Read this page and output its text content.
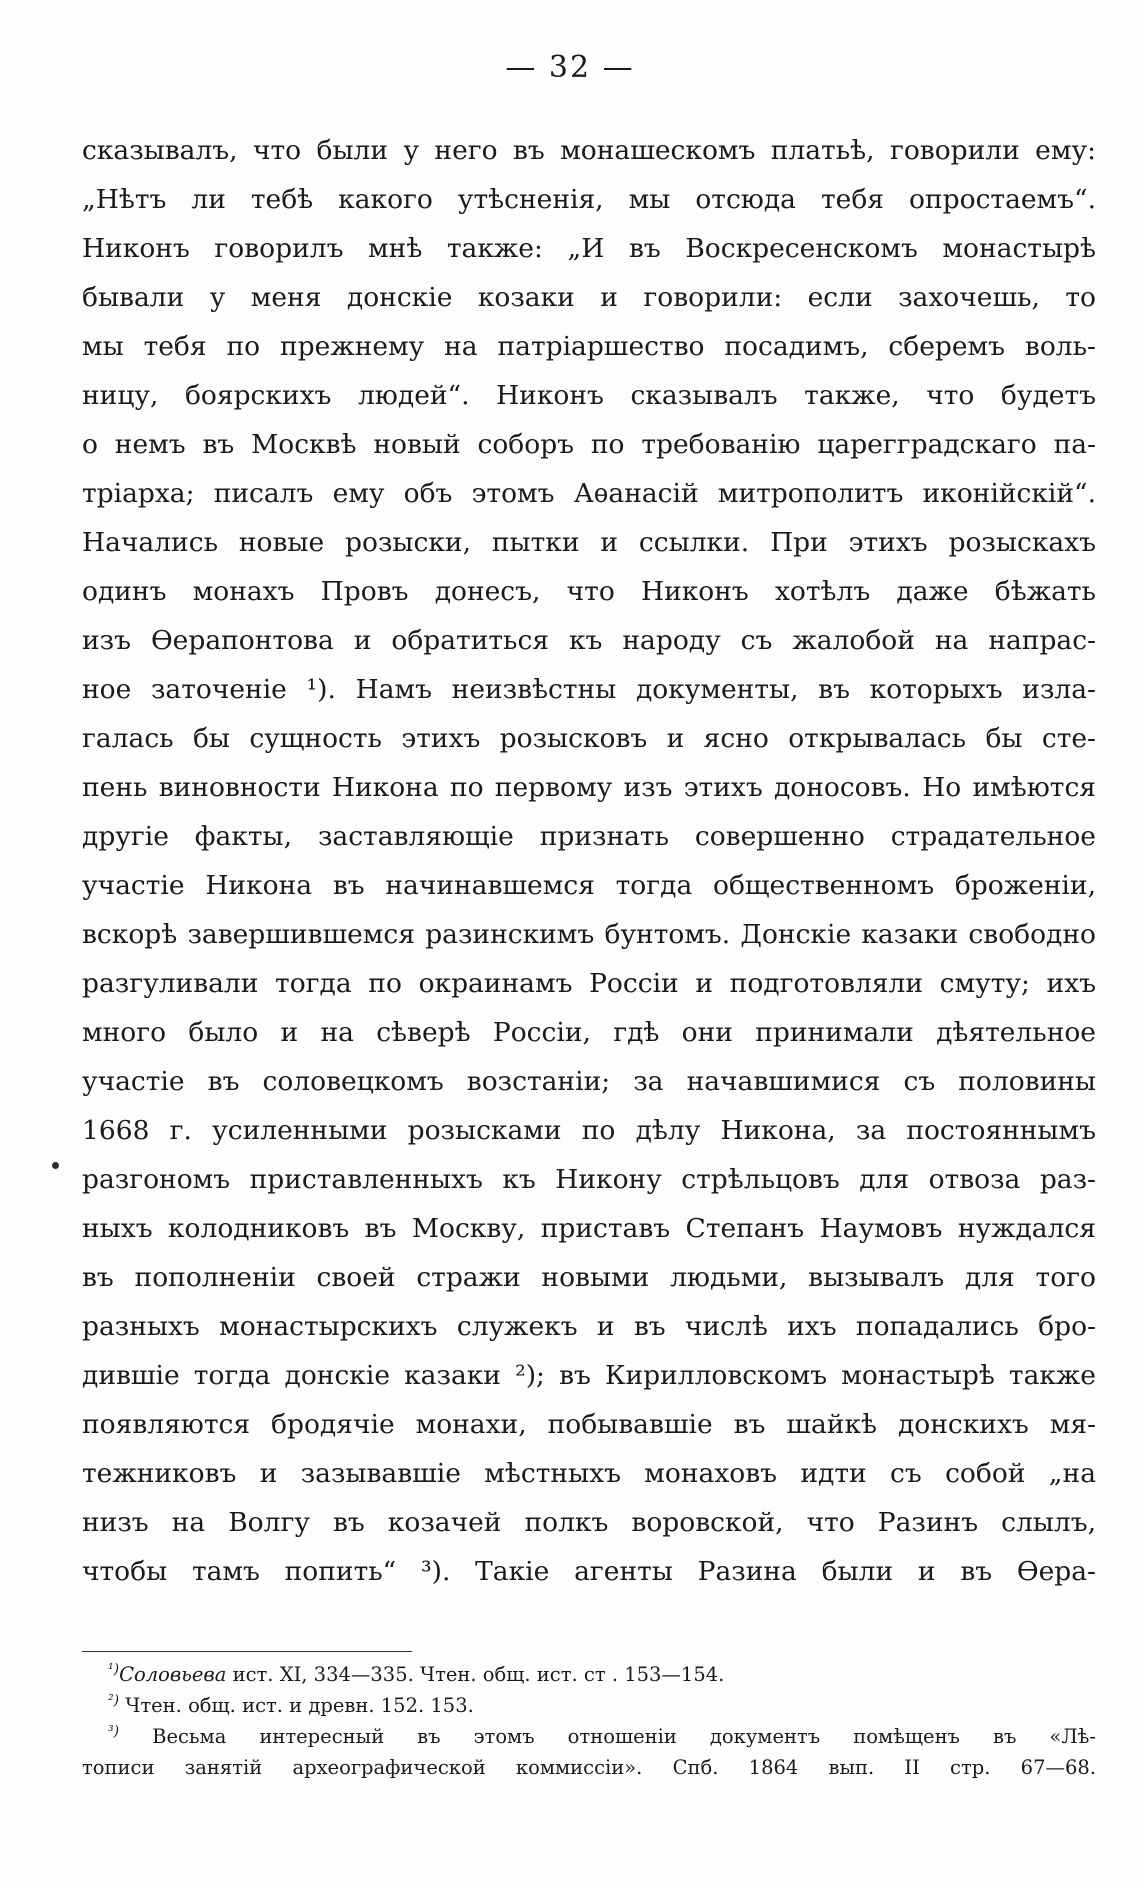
— 32 —
сказывалъ, что были у него въ монашескомъ платьѣ, говорили ему:
„Нѣтъ ли тебѣ какого утѣсненія, мы отсюда тебя опростаемъ“.
Никонъ говорилъ мнѣ также: „И въ Воскресенскомъ монастырѣ
бывали у меня донскіе козаки и говорили: если захочешь, то
мы тебя по прежнему на патріаршество посадимъ, сберемъ воль-
ницу, боярскихъ людей“. Никонъ сказывалъ также, что будетъ
о немъ въ Москвѣ новый соборъ по требованію царегградскаго па-
тріарха; писалъ ему объ этомъ Аѳанасій митрополитъ иконійскій“.
Начались новые розыски, пытки и ссылки. При этихъ розыскахъ
одинъ монахъ Провъ донесъ, что Никонъ хотѣлъ даже бѣжать
изъ Ѳерапонтова и обратиться къ народу съ жалобой на напрас-
ное заточеніе ¹). Намъ неизвѣстны документы, въ которыхъ изла-
галась бы сущность этихъ розысковъ и ясно открывалась бы сте-
пень виновности Никона по первому изъ этихъ доносовъ. Но имѣются
другіе факты, заставляющіе признать совершенно страдательное
участіе Никона въ начинавшемся тогда общественномъ броженіи,
вскорѣ завершившемся разинскимъ бунтомъ. Донскіе казаки свободно
разгуливали тогда по окраинамъ Россіи и подготовляли смуту; ихъ
много было и на сѣверѣ Россіи, гдѣ они принимали дѣятельное
участіе въ соловецкомъ возстаніи; за начавшимися съ половины
1668 г. усиленными розысками по дѣлу Никона, за постояннымъ
разгономъ приставленныхъ къ Никону стрѣльцовъ для отвоза раз-
ныхъ колодниковъ въ Москву, приставъ Степанъ Наумовъ нуждался
въ пополненіи своей стражи новыми людьми, вызывалъ для того
разныхъ монастырскихъ служекъ и въ числѣ ихъ попадались бро-
дившіе тогда донскіе казаки ²); въ Кирилловскомъ монастырѣ также
появляются бродячіе монахи, побывавшіе въ шайкѣ донскихъ мя-
тежниковъ и зазывавшіе мѣстныхъ монаховъ идти съ собой „на
низъ на Волгу въ козачей полкъ воровской, что Разинъ слылъ,
чтобы тамъ попить“ ³). Такіе агенты Разина были и въ Ѳера-
$^{^1)}$Соловьева ист. XI, 334—335. Чтен. общ. ист. ст . 153—154.
$^{^2)}$ Чтен. общ. ист. и древн. 152. 153.
$^{^3)}$ Весьма интересный въ этомъ отношеніи документъ помѣщенъ въ «Лѣ-
тописи занятій археографической коммиссіи». Спб. 1864 вып. II стр. 67—68.
